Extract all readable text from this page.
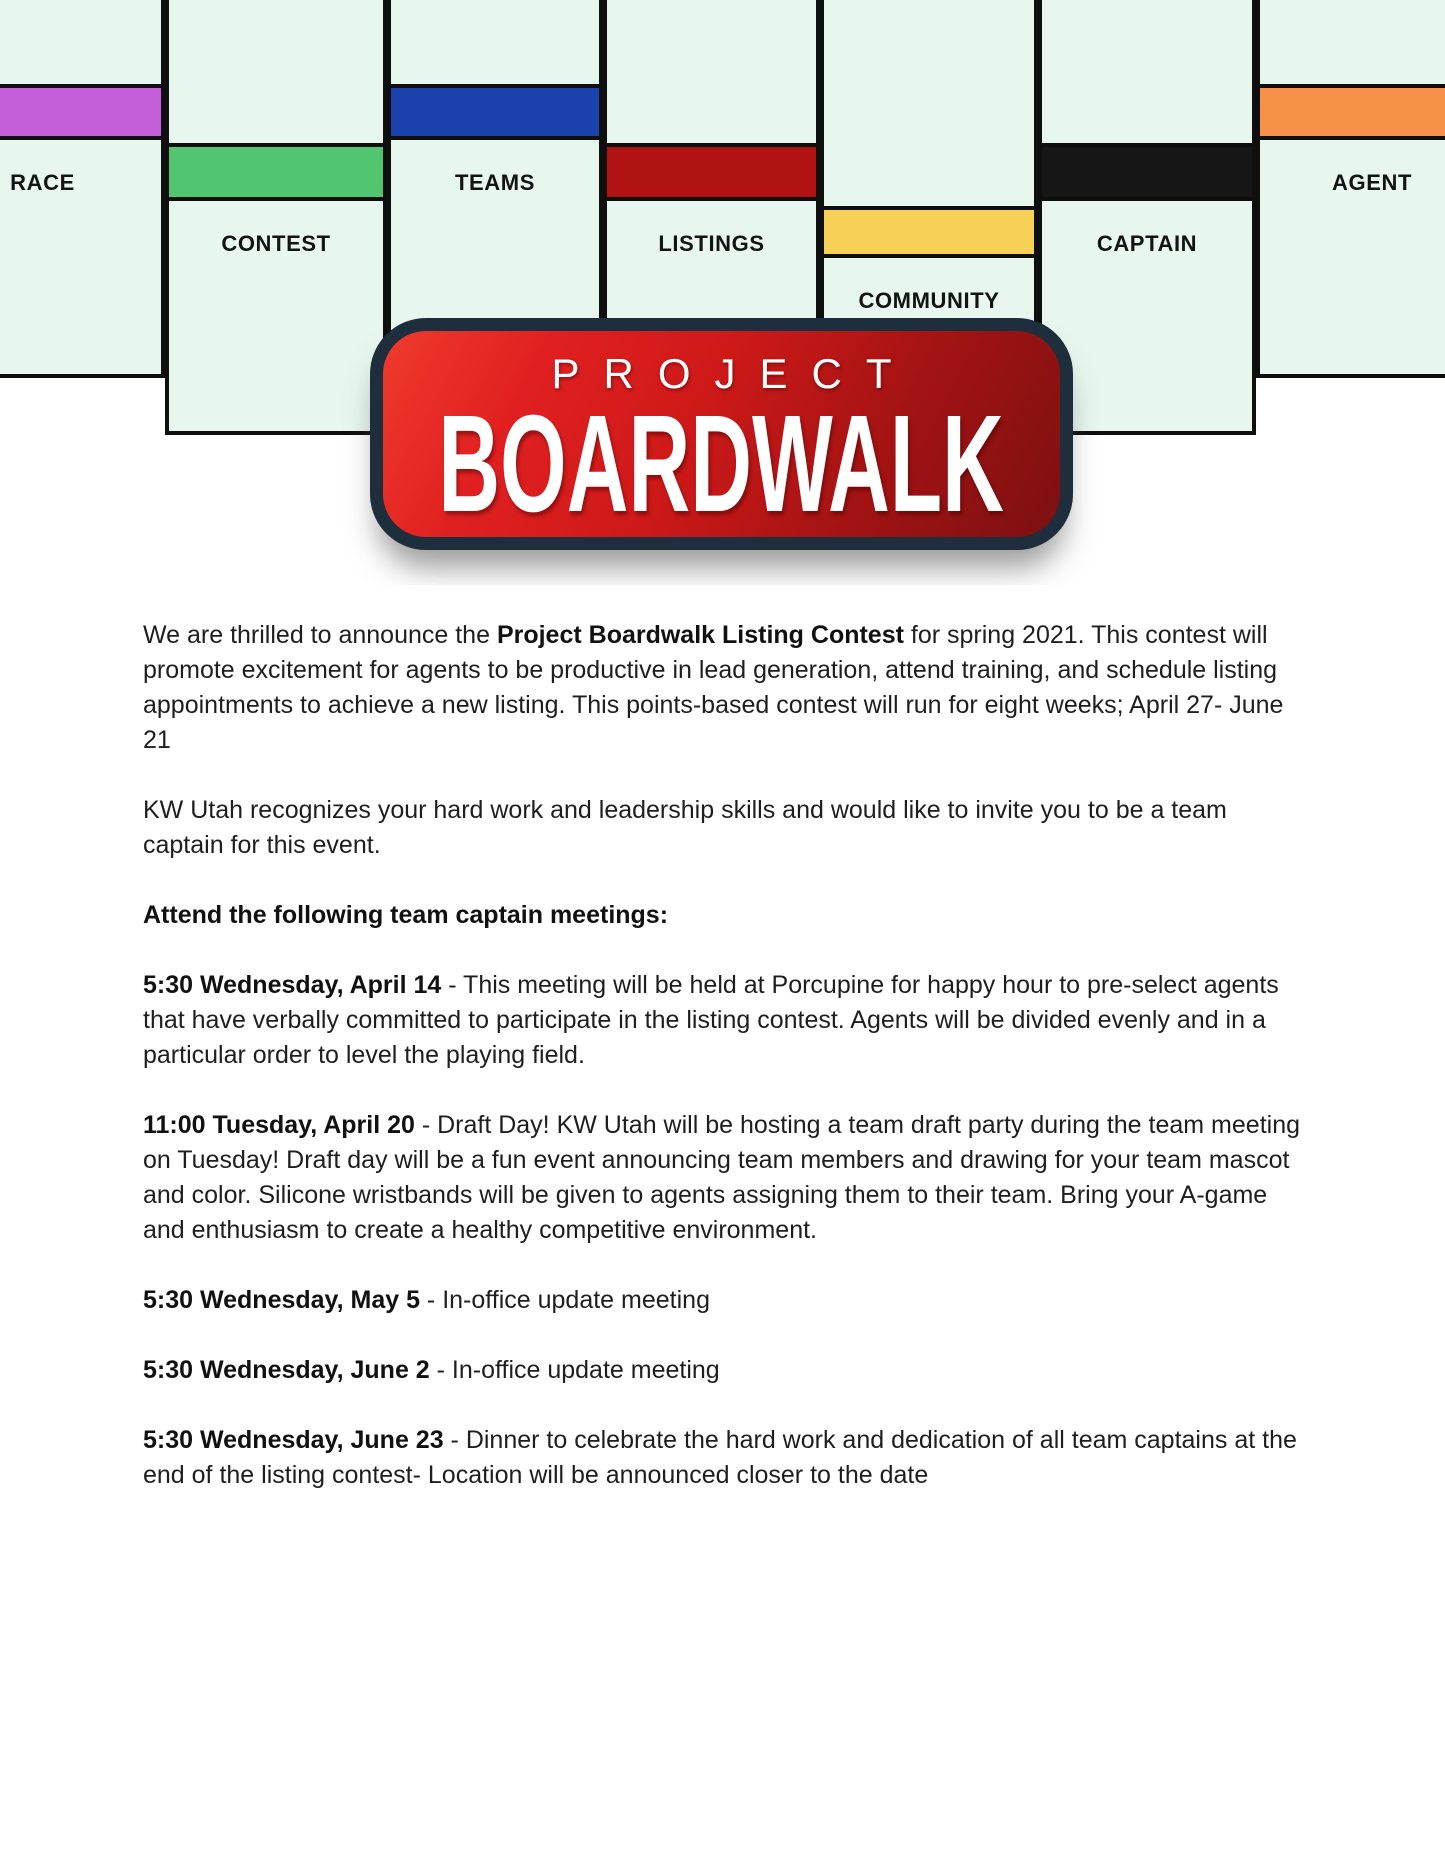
RACE
CONTEST
TEAMS
LISTINGS
COMMUNITY
CAPTAIN
AGENT
PROJECT
BOARDWALK

We are thrilled to announce the Project Boardwalk Listing Contest for spring 2021. This contest will promote excitement for agents to be productive in lead generation, attend training, and schedule listing appointments to achieve a new listing. This points-based contest will run for eight weeks; April 27- June 21

KW Utah recognizes your hard work and leadership skills and would like to invite you to be a team captain for this event.

Attend the following team captain meetings:

5:30 Wednesday, April 14 - This meeting will be held at Porcupine for happy hour to pre-select agents that have verbally committed to participate in the listing contest. Agents will be divided evenly and in a particular order to level the playing field.

11:00 Tuesday, April 20 - Draft Day! KW Utah will be hosting a team draft party during the team meeting on Tuesday! Draft day will be a fun event announcing team members and drawing for your team mascot and color. Silicone wristbands will be given to agents assigning them to their team. Bring your A-game and enthusiasm to create a healthy competitive environment.

5:30 Wednesday, May 5 - In-office update meeting

5:30 Wednesday, June 2 - In-office update meeting

5:30 Wednesday, June 23 - Dinner to celebrate the hard work and dedication of all team captains at the end of the listing contest- Location will be announced closer to the date
